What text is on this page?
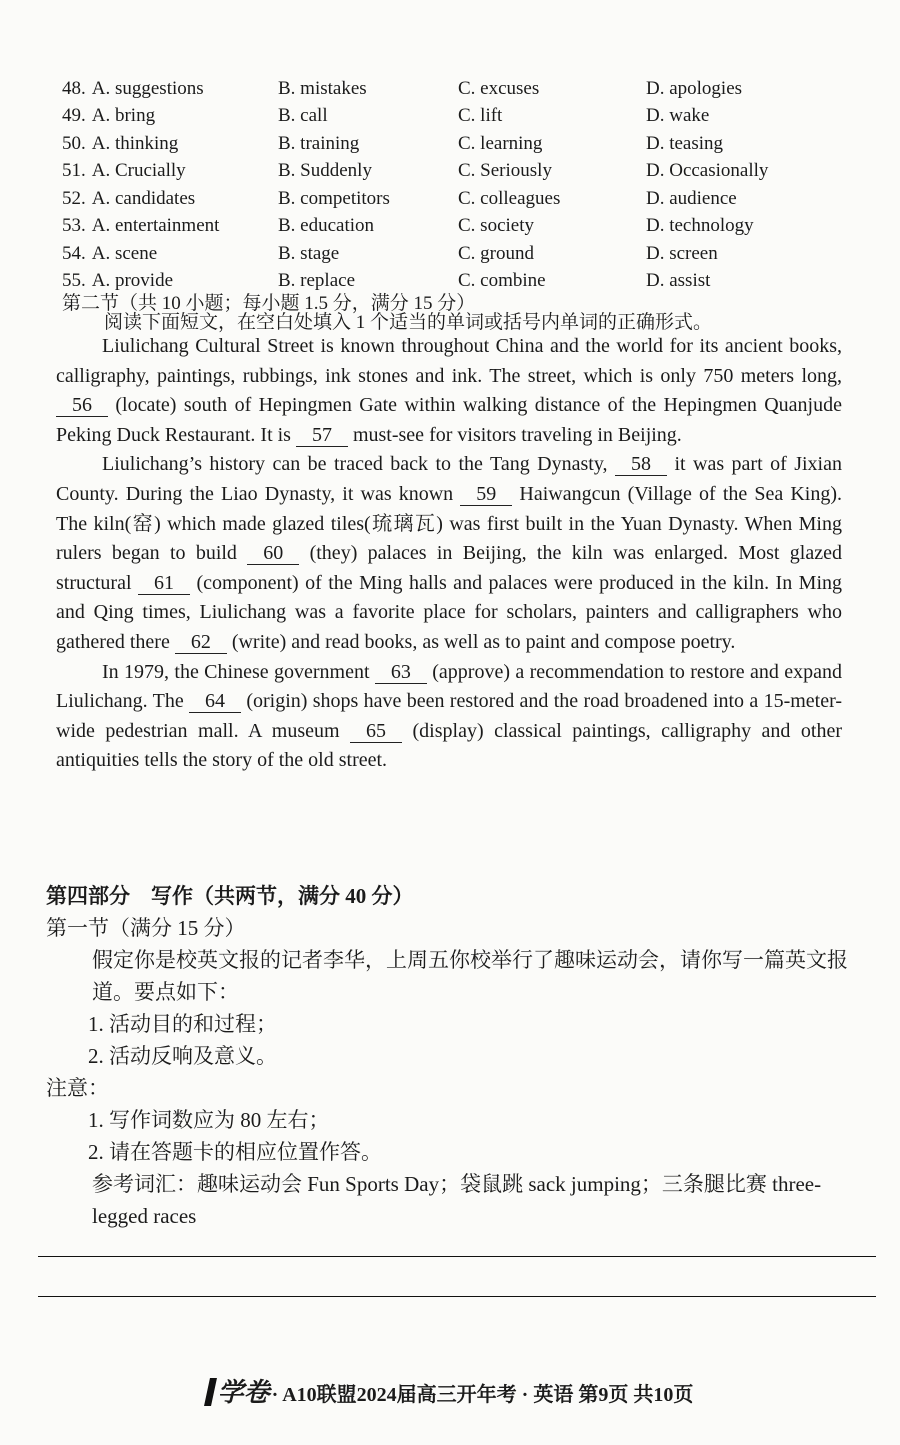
48. A. suggestions	B. mistakes	C. excuses	D. apologies
49. A. bring	B. call	C. lift	D. wake
50. A. thinking	B. training	C. learning	D. teasing
51. A. Crucially	B. Suddenly	C. Seriously	D. Occasionally
52. A. candidates	B. competitors	C. colleagues	D. audience
53. A. entertainment	B. education	C. society	D. technology
54. A. scene	B. stage	C. ground	D. screen
55. A. provide	B. replace	C. combine	D. assist
第二节（共 10 小题；每小题 1.5 分，满分 15 分）
阅读下面短文，在空白处填入 1 个适当的单词或括号内单词的正确形式。

Liulichang Cultural Street is known throughout China and the world for its ancient books, calligraphy, paintings, rubbings, ink stones and ink. The street, which is only 750 meters long, 56 (locate) south of Hepingmen Gate within walking distance of the Hepingmen Quanjude Peking Duck Restaurant. It is 57 must-see for visitors traveling in Beijing.

Liulichang’s history can be traced back to the Tang Dynasty, 58 it was part of Jixian County. During the Liao Dynasty, it was known 59 Haiwangcun (Village of the Sea King). The kiln(窑) which made glazed tiles(琉璃瓦) was first built in the Yuan Dynasty. When Ming rulers began to build 60 (they) palaces in Beijing, the kiln was enlarged. Most glazed structural 61 (component) of the Ming halls and palaces were produced in the kiln. In Ming and Qing times, Liulichang was a favorite place for scholars, painters and calligraphers who gathered there 62 (write) and read books, as well as to paint and compose poetry.

In 1979, the Chinese government 63 (approve) a recommendation to restore and expand Liulichang. The 64 (origin) shops have been restored and the road broadened into a 15-meter-wide pedestrian mall. A museum 65 (display) classical paintings, calligraphy and other antiquities tells the story of the old street.

第四部分　写作（共两节，满分 40 分）
第一节（满分 15 分）
假定你是校英文报的记者李华，上周五你校举行了趣味运动会，请你写一篇英文报道。要点如下：
1. 活动目的和过程；
2. 活动反响及意义。
注意：
1. 写作词数应为 80 左右；
2. 请在答题卡的相应位置作答。
参考词汇：趣味运动会 Fun Sports Day；袋鼠跳 sack jumping；三条腿比赛 three-legged races
学卷 · A10联盟2024届高三开年考 · 英语 第9页 共10页
